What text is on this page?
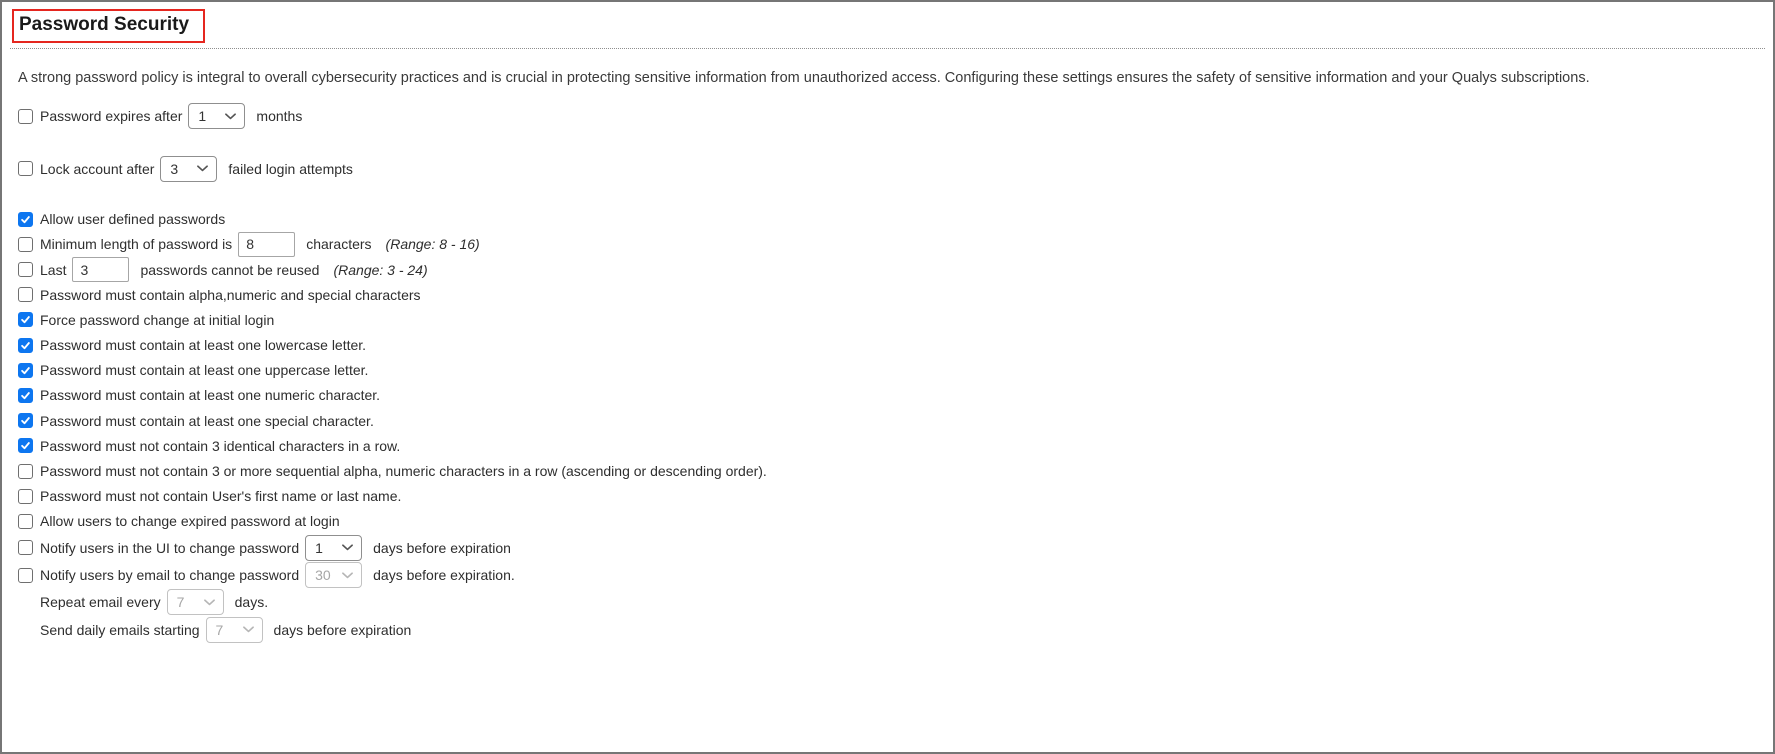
Password Security

A strong password policy is integral to overall cybersecurity practices and is crucial in protecting sensitive information from unauthorized access. Configuring these settings ensures the safety of sensitive information and your Qualys subscriptions.

Password expires after 1	months
Lock account after 3	failed login attempts
Allow user defined passwords
Minimum length of password is
8	characters (Range: 8 - 16)
Last
3	passwords cannot be reused (Range: 3 - 24)
Password must contain alpha,numeric and special characters
Force password change at initial login
Password must contain at least one lowercase letter.
Password must contain at least one uppercase letter.
Password must contain at least one numeric character.
Password must contain at least one special character.
Password must not contain 3 identical characters in a row.
Password must not contain 3 or more sequential alpha, numeric characters in a row (ascending or descending order).
Password must not contain User's first name or last name.
Allow users to change expired password at login
Notify users in the UI to change password 1	days before expiration
Notify users by email to change password 30	days before expiration.
Repeat email every 7	days.
Send daily emails starting 7	days before expiration
